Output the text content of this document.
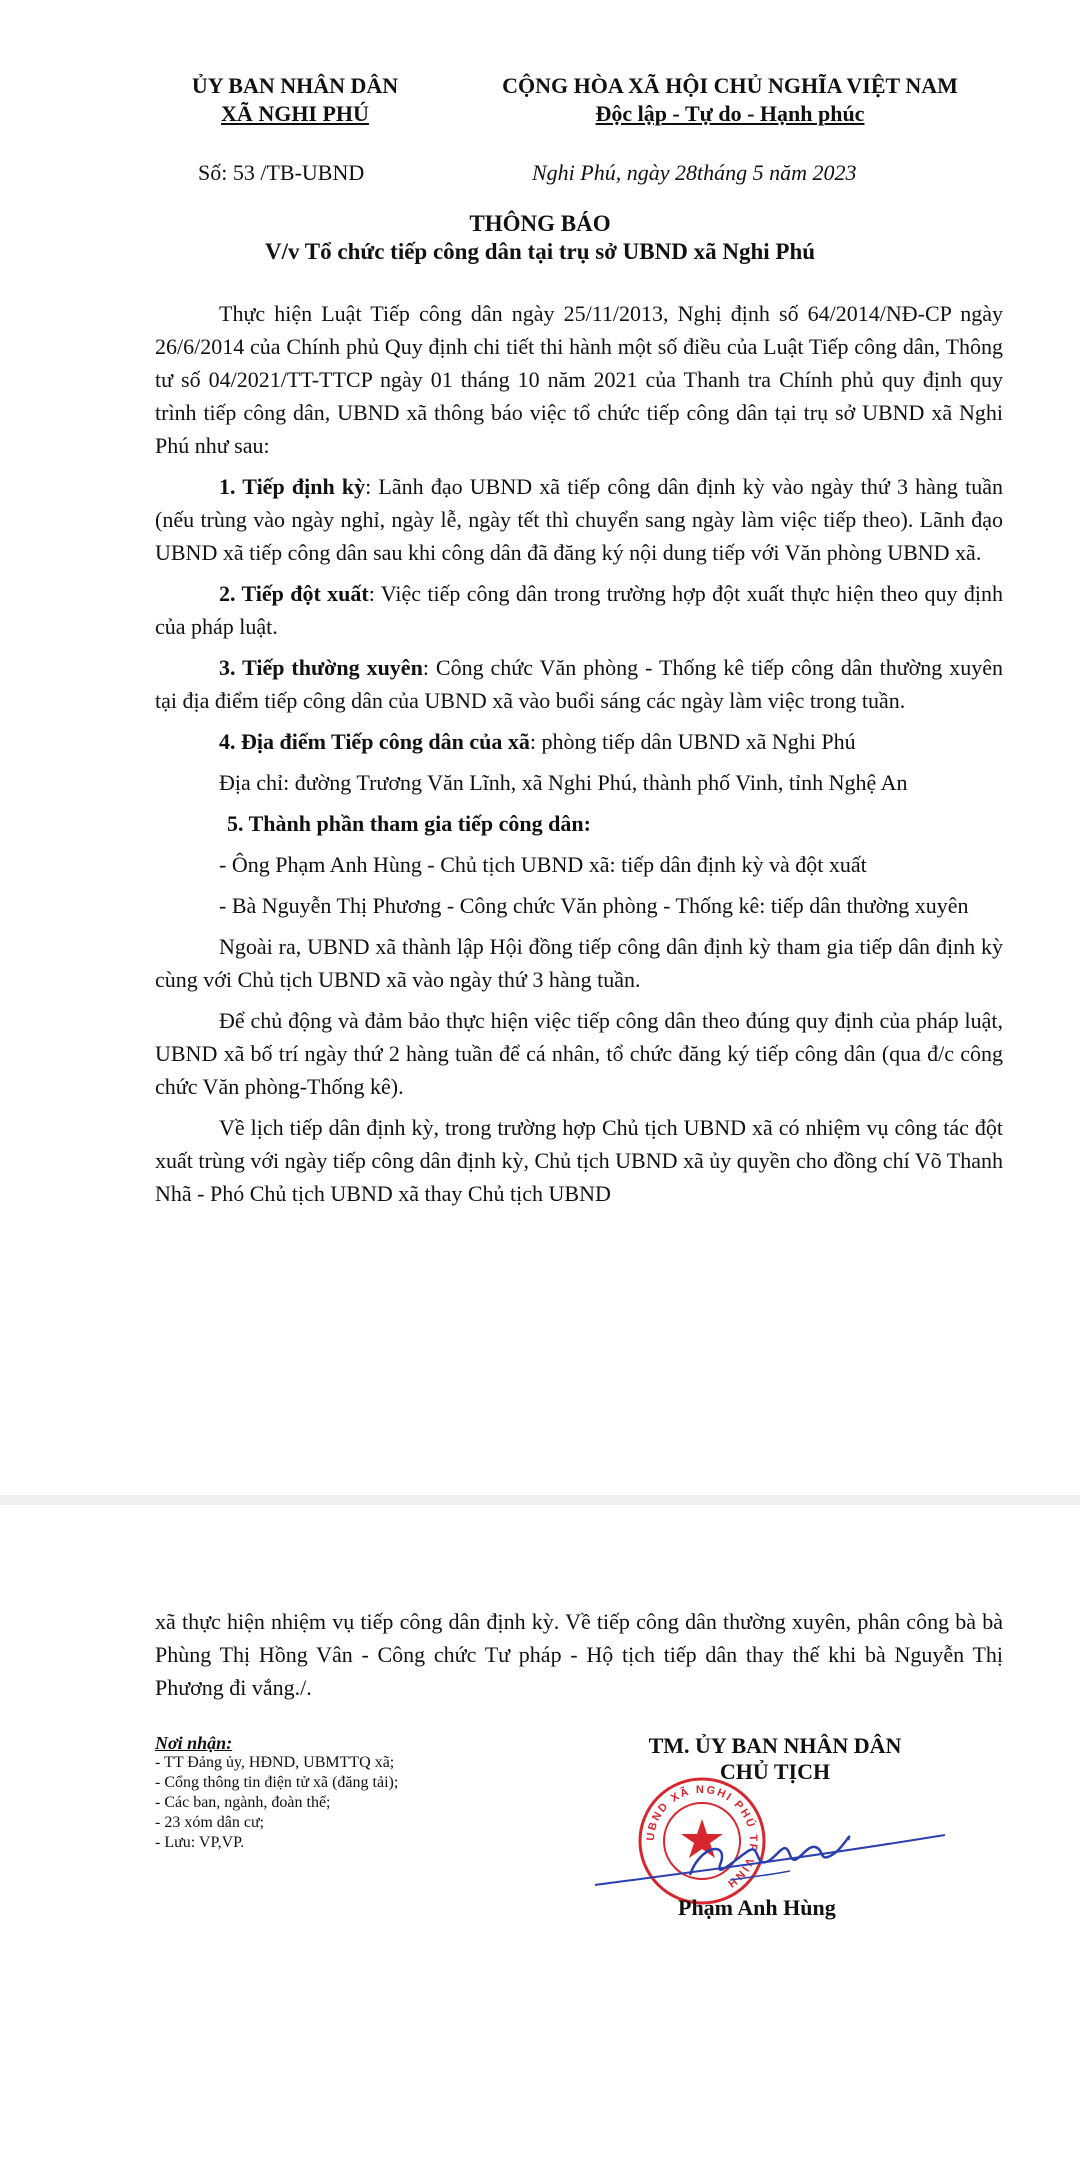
ỦY BAN NHÂN DÂN
XÃ NGHI PHÚ
CỘNG HÒA XÃ HỘI CHỦ NGHĨA VIỆT NAM
Độc lập - Tự do - Hạnh phúc
Số: 53 /TB-UBND	Nghi Phú, ngày 28tháng 5 năm 2023
THÔNG BÁO
V/v Tổ chức tiếp công dân tại trụ sở UBND xã Nghi Phú

Thực hiện Luật Tiếp công dân ngày 25/11/2013, Nghị định số 64/2014/NĐ-CP ngày 26/6/2014 của Chính phủ Quy định chi tiết thi hành một số điều của Luật Tiếp công dân, Thông tư số 04/2021/TT-TTCP ngày 01 tháng 10 năm 2021 của Thanh tra Chính phủ quy định quy trình tiếp công dân, UBND xã thông báo việc tổ chức tiếp công dân tại trụ sở UBND xã Nghi Phú như sau:

1. Tiếp định kỳ: Lãnh đạo UBND xã tiếp công dân định kỳ vào ngày thứ 3 hàng tuần (nếu trùng vào ngày nghỉ, ngày lễ, ngày tết thì chuyển sang ngày làm việc tiếp theo). Lãnh đạo UBND xã tiếp công dân sau khi công dân đã đăng ký nội dung tiếp với Văn phòng UBND xã.

2. Tiếp đột xuất: Việc tiếp công dân trong trường hợp đột xuất thực hiện theo quy định của pháp luật.

3. Tiếp thường xuyên: Công chức Văn phòng - Thống kê tiếp công dân thường xuyên tại địa điểm tiếp công dân của UBND xã vào buổi sáng các ngày làm việc trong tuần.

4. Địa điểm Tiếp công dân của xã: phòng tiếp dân UBND xã Nghi Phú

Địa chỉ: đường Trương Văn Lĩnh, xã Nghi Phú, thành phố Vinh, tỉnh Nghệ An

5. Thành phần tham gia tiếp công dân:

- Ông Phạm Anh Hùng - Chủ tịch UBND xã: tiếp dân định kỳ và đột xuất

- Bà Nguyễn Thị Phương - Công chức Văn phòng - Thống kê: tiếp dân thường xuyên

Ngoài ra, UBND xã thành lập Hội đồng tiếp công dân định kỳ tham gia tiếp dân định kỳ cùng với Chủ tịch UBND xã vào ngày thứ 3 hàng tuần.

Để chủ động và đảm bảo thực hiện việc tiếp công dân theo đúng quy định của pháp luật, UBND xã bố trí ngày thứ 2 hàng tuần để cá nhân, tổ chức đăng ký tiếp công dân (qua đ/c công chức Văn phòng-Thống kê).

Về lịch tiếp dân định kỳ, trong trường hợp Chủ tịch UBND xã có nhiệm vụ công tác đột xuất trùng với ngày tiếp công dân định kỳ, Chủ tịch UBND xã ủy quyền cho đồng chí Võ Thanh Nhã - Phó Chủ tịch UBND xã thay Chủ tịch UBND

xã thực hiện nhiệm vụ tiếp công dân định kỳ. Về tiếp công dân thường xuyên, phân công bà bà Phùng Thị Hồng Vân - Công chức Tư pháp - Hộ tịch tiếp dân thay thế khi bà Nguyễn Thị Phương đi vắng./.

Nơi nhận:
- TT Đảng ủy, HĐND, UBMTTQ xã;
- Cổng thông tin điện tử xã (đăng tải);
- Các ban, ngành, đoàn thể;
- 23 xóm dân cư;
- Lưu: VP,VP.
TM. ỦY BAN NHÂN DÂN
CHỦ TỊCH
UBND XÃ NGHI PHÚ TP VINH
Phạm Anh Hùng
